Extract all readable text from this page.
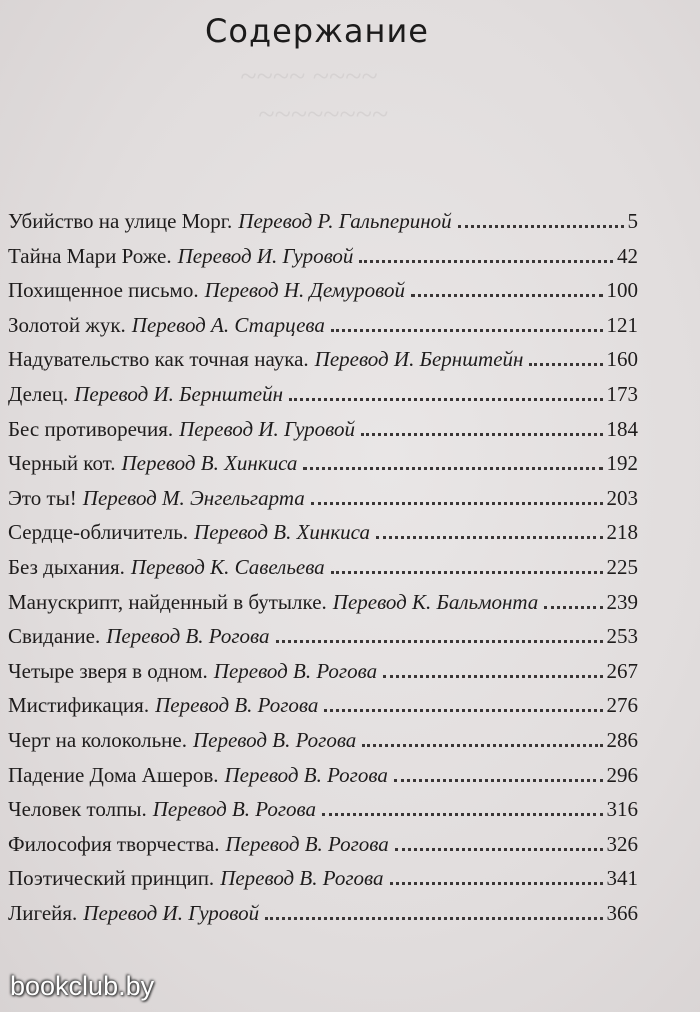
~~~~ ~~~~
~~~~~~~~
Содержание
Убийство на улице Морг. Перевод Р. Гальпериной	5
Тайна Мари Роже. Перевод И. Гуровой	42
Похищенное письмо. Перевод Н. Демуровой	100
Золотой жук. Перевод А. Старцева	121
Надувательство как точная наука. Перевод И. Бернштейн	160
Делец. Перевод И. Бернштейн	173
Бес противоречия. Перевод И. Гуровой	184
Черный кот. Перевод В. Хинкиса	192
Это ты! Перевод М. Энгельгарта	203
Сердце-обличитель. Перевод В. Хинкиса	218
Без дыхания. Перевод К. Савельева	225
Манускрипт, найденный в бутылке. Перевод К. Бальмонта	239
Свидание. Перевод В. Рогова	253
Четыре зверя в одном. Перевод В. Рогова	267
Мистификация. Перевод В. Рогова	276
Черт на колокольне. Перевод В. Рогова	286
Падение Дома Ашеров. Перевод В. Рогова	296
Человек толпы. Перевод В. Рогова	316
Философия творчества. Перевод В. Рогова	326
Поэтический принцип. Перевод В. Рогова	341
Лигейя. Перевод И. Гуровой	366
bookclub.by
